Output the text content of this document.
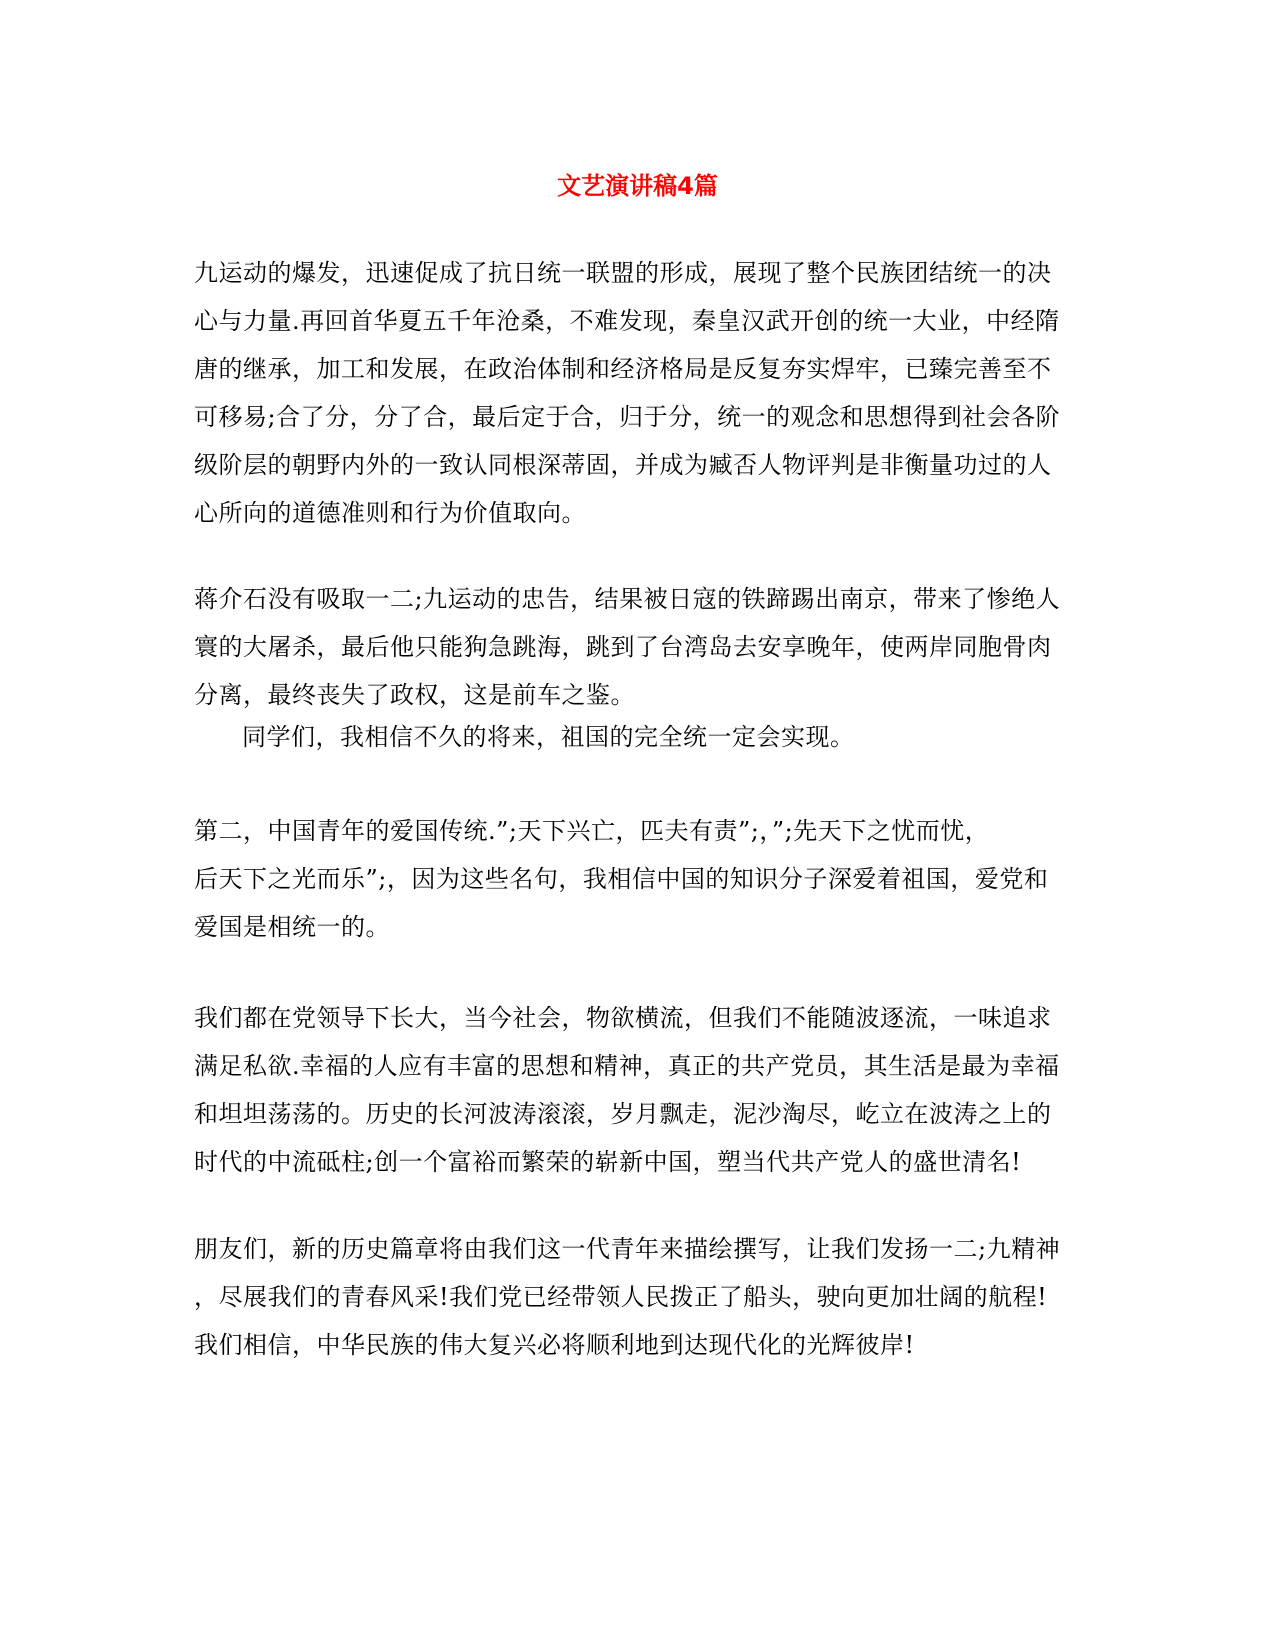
文艺演讲稿4篇

九运动的爆发，迅速促成了抗日统一联盟的形成，展现了整个民族团结统一的决
心与力量.再回首华夏五千年沧桑，不难发现，秦皇汉武开创的统一大业，中经隋
唐的继承，加工和发展，在政治体制和经济格局是反复夯实焊牢，已臻完善至不
可移易;合了分，分了合，最后定于合，归于分，统一的观念和思想得到社会各阶
级阶层的朝野内外的一致认同根深蒂固，并成为臧否人物评判是非衡量功过的人
心所向的道德准则和行为价值取向。

蒋介石没有吸取一二;九运动的忠告，结果被日寇的铁蹄踢出南京，带来了惨绝人
寰的大屠杀，最后他只能狗急跳海，跳到了台湾岛去安享晚年，使两岸同胞骨肉
分离，最终丧失了政权，这是前车之鉴。

同学们，我相信不久的将来，祖国的完全统一定会实现。

第二，中国青年的爱国传统.”;天下兴亡，匹夫有责”;，”;先天下之忧而忧，
后天下之光而乐”;，因为这些名句，我相信中国的知识分子深爱着祖国，爱党和
爱国是相统一的。

我们都在党领导下长大，当今社会，物欲横流，但我们不能随波逐流，一味追求
满足私欲.幸福的人应有丰富的思想和精神，真正的共产党员，其生活是最为幸福
和坦坦荡荡的。历史的长河波涛滚滚，岁月飘走，泥沙淘尽，屹立在波涛之上的
时代的中流砥柱;创一个富裕而繁荣的崭新中国，塑当代共产党人的盛世清名!

朋友们，新的历史篇章将由我们这一代青年来描绘撰写，让我们发扬一二;九精神
，尽展我们的青春风采!我们党已经带领人民拨正了船头，驶向更加壮阔的航程!
我们相信，中华民族的伟大复兴必将顺利地到达现代化的光辉彼岸!
